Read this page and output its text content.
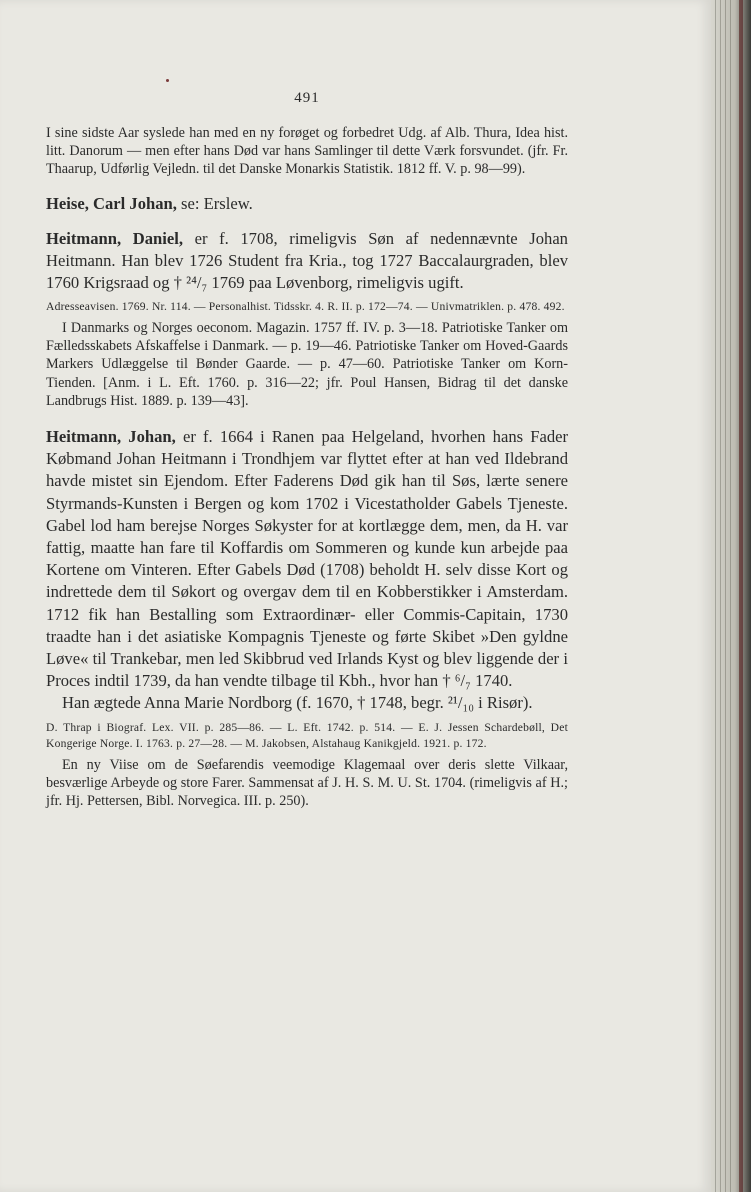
491

I sine sidste Aar syslede han med en ny forøget og forbedret Udg. af Alb. Thura, Idea hist. litt. Danorum — men efter hans Død var hans Samlinger til dette Værk forsvundet. (jfr. Fr. Thaarup, Udførlig Vejledn. til det Danske Monarkis Statistik. 1812 ff. V. p. 98—99).

Heise, Carl Johan, se: Erslew.

Heitmann, Daniel, er f. 1708, rimeligvis Søn af nedennævnte Johan Heitmann. Han blev 1726 Student fra Kria., tog 1727 Baccalaurgraden, blev 1760 Krigsraad og † ²⁴/₇ 1769 paa Løvenborg, rimeligvis ugift.

Adresseavisen. 1769. Nr. 114. — Personalhist. Tidsskr. 4. R. II. p. 172—74. — Univmatriklen. p. 478. 492.

I Danmarks og Norges oeconom. Magazin. 1757 ff. IV. p. 3—18. Patriotiske Tanker om Fælledsskabets Afskaffelse i Danmark. — p. 19—46. Patriotiske Tanker om Hoved-Gaards Markers Udlæggelse til Bønder Gaarde. — p. 47—60. Patriotiske Tanker om Korn-Tienden. [Anm. i L. Eft. 1760. p. 316—22; jfr. Poul Hansen, Bidrag til det danske Landbrugs Hist. 1889. p. 139—43].

Heitmann, Johan, er f. 1664 i Ranen paa Helgeland, hvorhen hans Fader Købmand Johan Heitmann i Trondhjem var flyttet efter at han ved Ildebrand havde mistet sin Ejendom. Efter Faderens Død gik han til Søs, lærte senere Styrmands-Kunsten i Bergen og kom 1702 i Vicestatholder Gabels Tjeneste. Gabel lod ham berejse Norges Søkyster for at kortlægge dem, men, da H. var fattig, maatte han fare til Koffardis om Sommeren og kunde kun arbejde paa Kortene om Vinteren. Efter Gabels Død (1708) beholdt H. selv disse Kort og indrettede dem til Søkort og overgav dem til en Kobberstikker i Amsterdam. 1712 fik han Bestalling som Extraordinær- eller Commis-Capitain, 1730 traadte han i det asiatiske Kompagnis Tjeneste og førte Skibet »Den gyldne Løve« til Trankebar, men led Skibbrud ved Irlands Kyst og blev liggende der i Proces indtil 1739, da han vendte tilbage til Kbh., hvor han † ⁶/₇ 1740.

Han ægtede Anna Marie Nordborg (f. 1670, † 1748, begr. ²¹/₁₀ i Risør).

D. Thrap i Biograf. Lex. VII. p. 285—86. — L. Eft. 1742. p. 514. — E. J. Jessen Schardebøll, Det Kongerige Norge. I. 1763. p. 27—28. — M. Jakobsen, Alstahaug Kanikgjeld. 1921. p. 172.

En ny Viise om de Søefarendis veemodige Klagemaal over deris slette Vilkaar, besværlige Arbeyde og store Farer. Sammensat af J. H. S. M. U. St. 1704. (rimeligvis af H.; jfr. Hj. Pettersen, Bibl. Norvegica. III. p. 250).
